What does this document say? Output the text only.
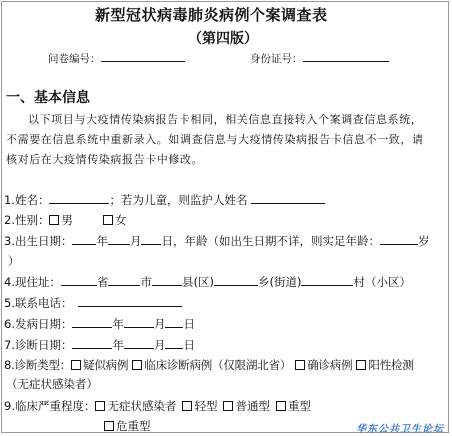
新型冠状病毒肺炎病例个案调查表
（第四版）
问卷编号：	身份证号：
一、基本信息
以下项目与大疫情传染病报告卡相同，相关信息直接转入个案调查信息系统，
不需要在信息系统中重新录入。如调查信息与大疫情传染病报告卡信息不一致，请
核对后在大疫情传染病报告卡中修改。
1.姓名：	；若为儿童，则监护人姓名
2.性别： 男	女
3.出生日期： 年 月 日，年龄（如出生日期不详，则实足年龄：	岁
）
4.现住址：	省	市	县(区)	乡(街道)	村（小区）
5.联系电话：
6.发病日期：	年	月 日
7.诊断日期：	年	月 日
8.诊断类型： 疑似病例 临床诊断病例（仅限湖北省） 确诊病例 阳性检测
（无症状感染者）
9.临床严重程度： 无症状感染者 轻型 普通型 重型
危重型	华东公共卫生论坛
